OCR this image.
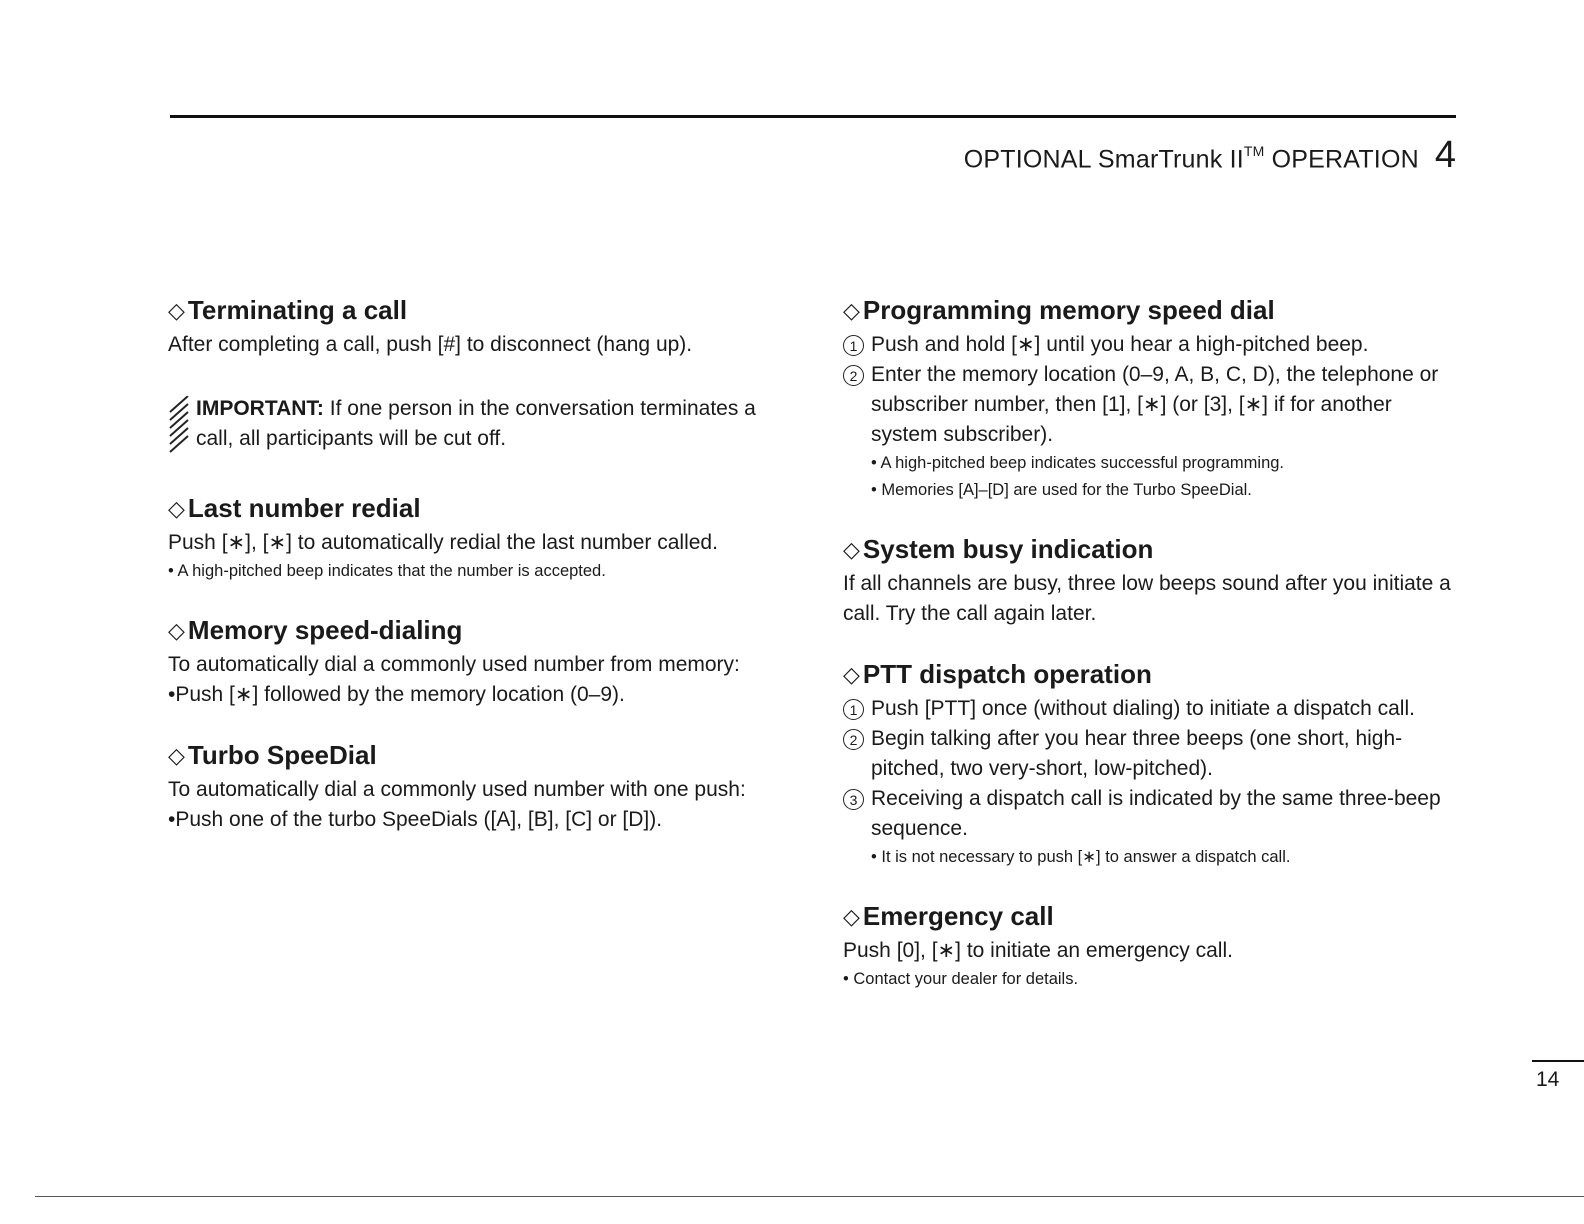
OPTIONAL SmarTrunk II™ OPERATION 4
◇ Terminating a call

After completing a call, push [#] to disconnect (hang up).

IMPORTANT: If one person in the conversation terminates a call, all participants will be cut off.
◇ Last number redial

Push [∗], [∗] to automatically redial the last number called.

• A high-pitched beep indicates that the number is accepted.

◇ Memory speed-dialing

To automatically dial a commonly used number from memory:

•Push [∗] followed by the memory location (0–9).

◇ Turbo SpeeDial

To automatically dial a commonly used number with one push:

•Push one of the turbo SpeeDials ([A], [B], [C] or [D]).

◇ Programming memory speed dial
1 Push and hold [∗] until you hear a high-pitched beep.
2 Enter the memory location (0–9, A, B, C, D), the telephone or subscriber number, then [1], [∗] (or [3], [∗] if for another system subscriber).

• A high-pitched beep indicates successful programming.

• Memories [A]–[D] are used for the Turbo SpeeDial.

◇ System busy indication

If all channels are busy, three low beeps sound after you initiate a call. Try the call again later.

◇ PTT dispatch operation
1 Push [PTT] once (without dialing) to initiate a dispatch call.
2 Begin talking after you hear three beeps (one short, high-pitched, two very-short, low-pitched).
3 Receiving a dispatch call is indicated by the same three-beep sequence.

• It is not necessary to push [∗] to answer a dispatch call.

◇ Emergency call

Push [0], [∗] to initiate an emergency call.

• Contact your dealer for details.

14
